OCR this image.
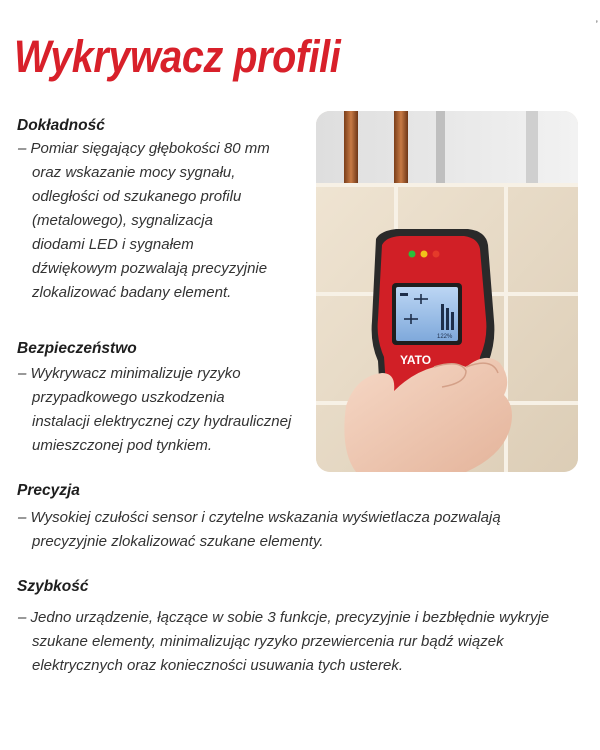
Wykrywacz profili
ʼ
Dokładność
– Pomiar sięgający głębokości 80 mm
oraz wskazanie mocy sygnału,
odległości od szukanego profilu
(metalowego), sygnalizacja
diodami LED i sygnałem
dźwiękowym pozwalają precyzyjnie
zlokalizować badany element.
Bezpieczeństwo
– Wykrywacz minimalizuje ryzyko
przypadkowego uszkodzenia
instalacji elektrycznej czy hydraulicznej
umieszczonej pod tynkiem.
Precyzja
– Wysokiej czułości sensor i czytelne wskazania wyświetlacza pozwalają
precyzyjnie zlokalizować szukane elementy.
Szybkość
– Jedno urządzenie, łączące w sobie 3 funkcje, precyzyjnie i bezbłędnie wykryje
szukane elementy, minimalizując ryzyko przewiercenia rur bądź wiązek
elektrycznych oraz konieczności usuwania tych usterek.
122%
YATO
